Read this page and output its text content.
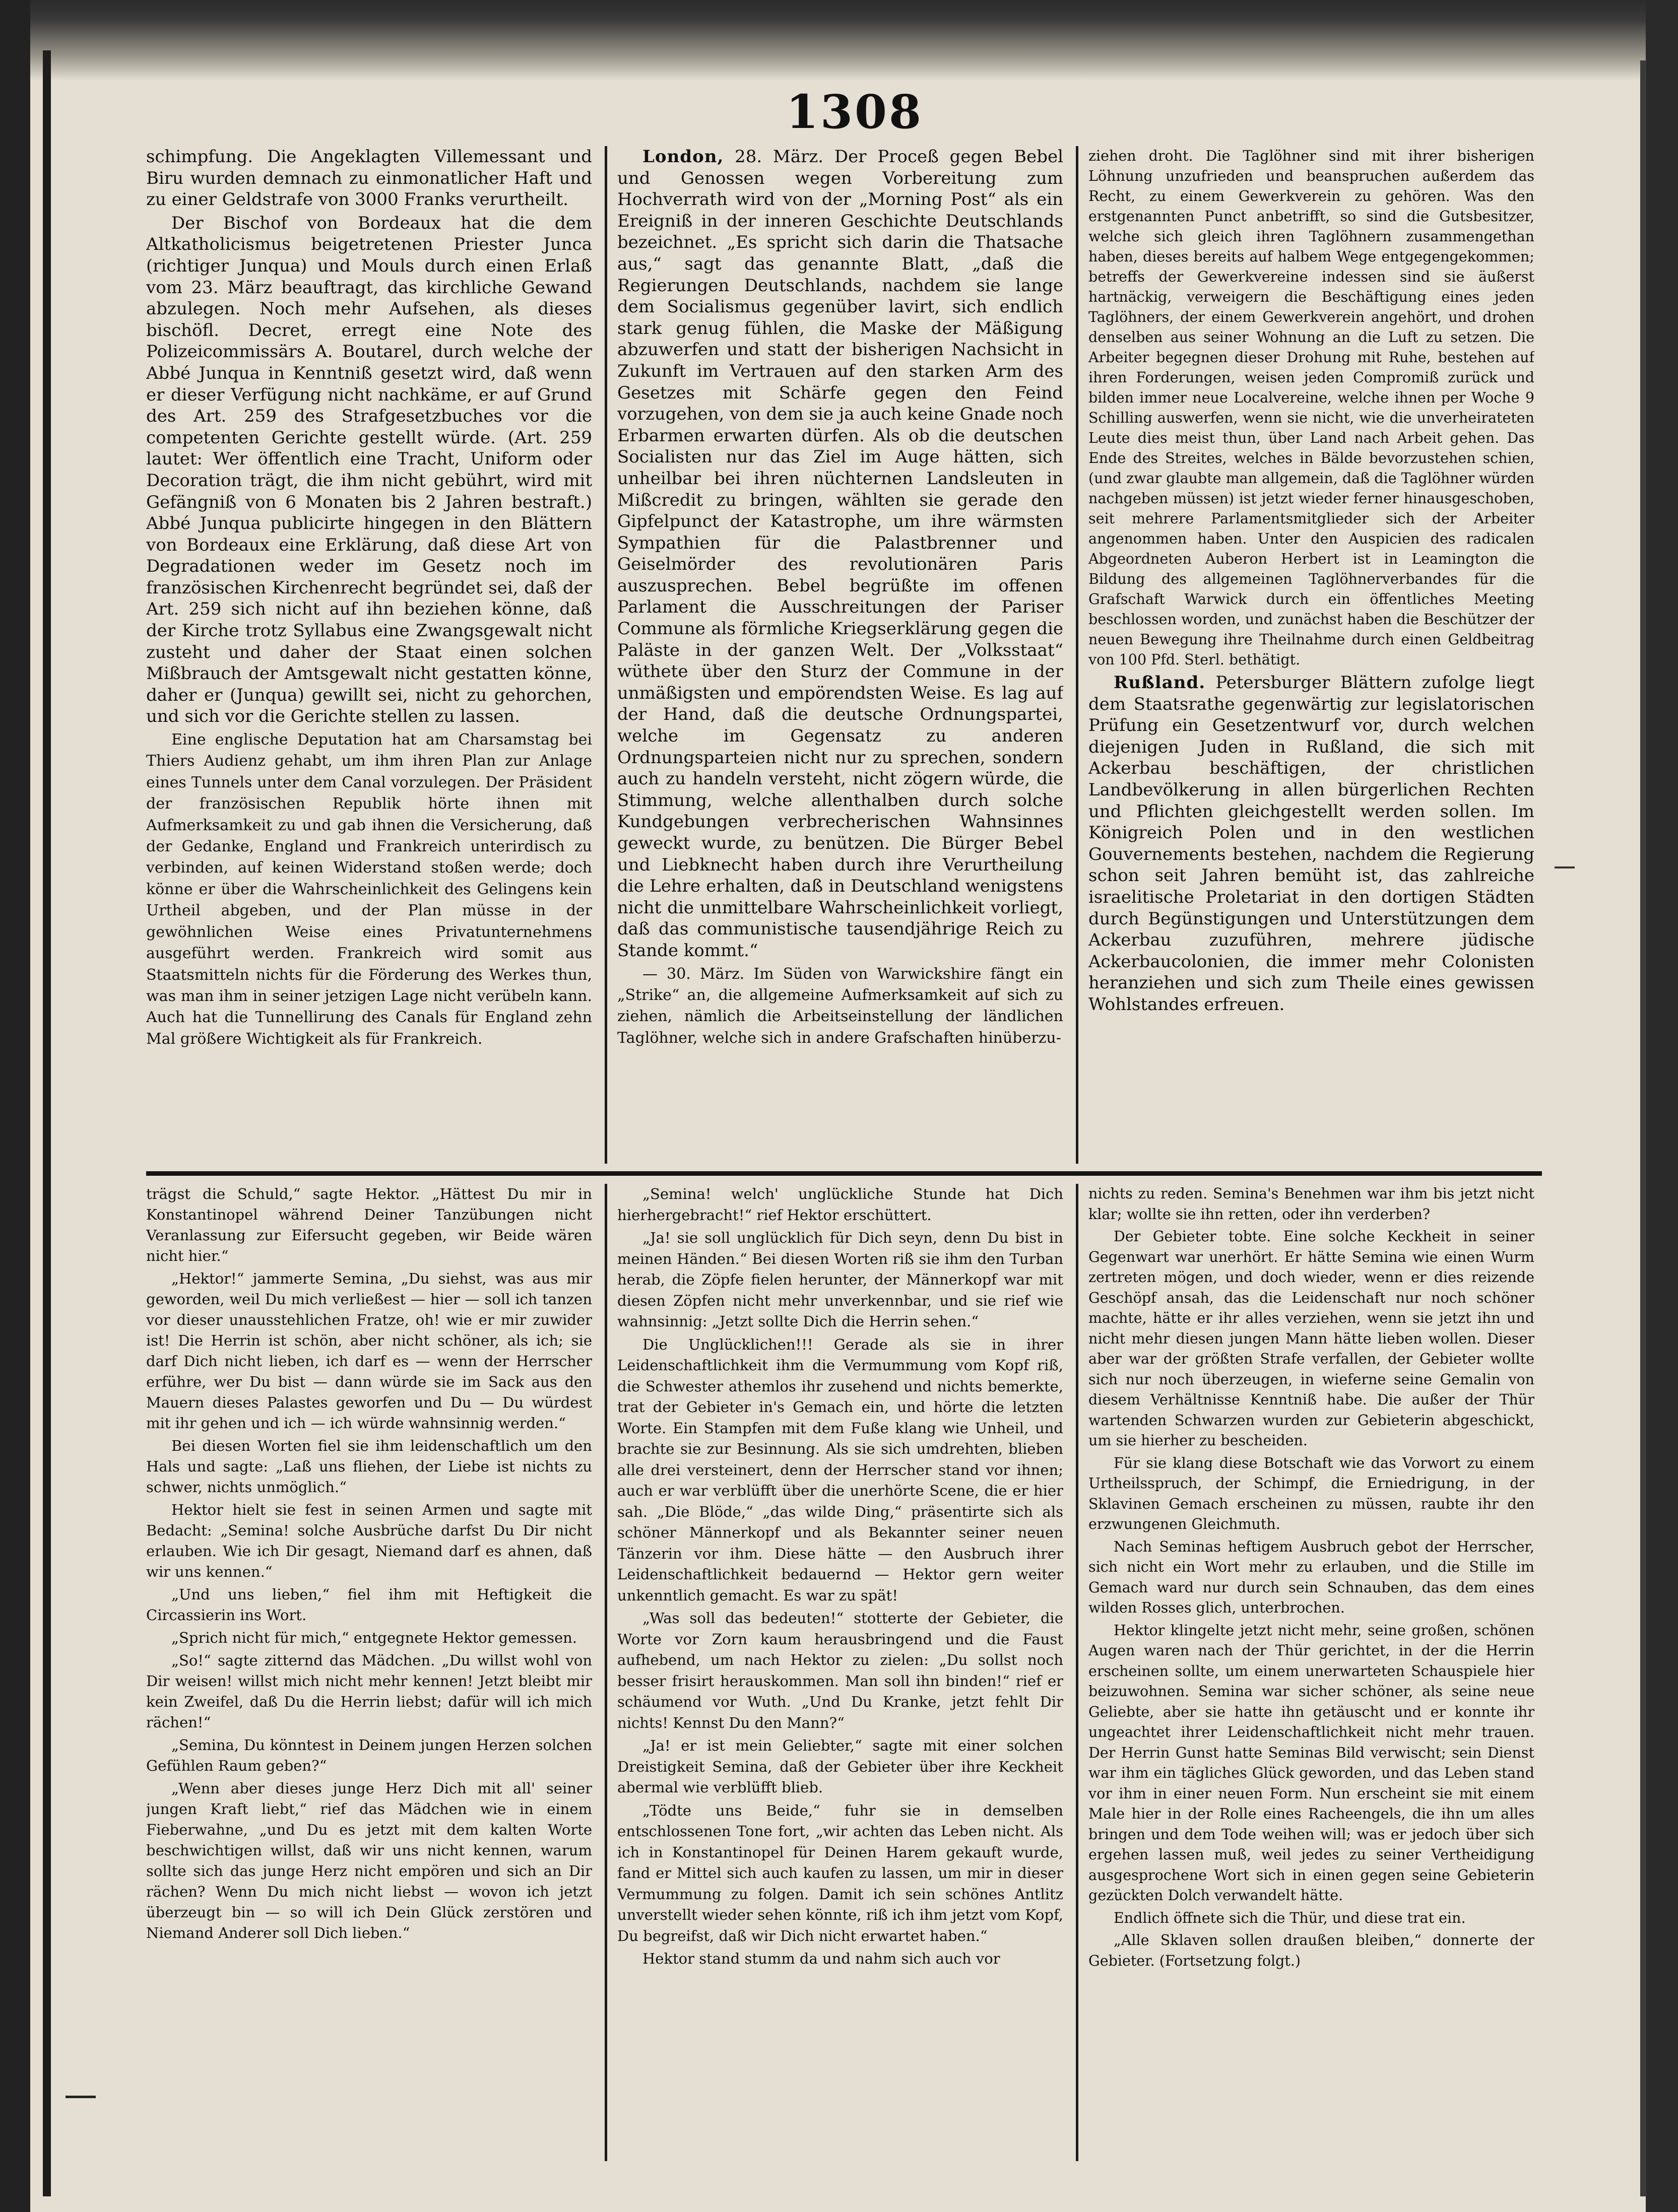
1308

schimpfung. Die Angeklagten Villemessant und Biru wurden demnach zu einmonatlicher Haft und zu einer Geldstrafe von 3000 Franks verurtheilt.

Der Bischof von Bordeaux hat die dem Altkatholicismus beigetretenen Priester Junca (richtiger Junqua) und Mouls durch einen Erlaß vom 23. März beauftragt, das kirchliche Gewand abzulegen. Noch mehr Aufsehen, als dieses bischöfl. Decret, erregt eine Note des Polizeicommissärs A. Boutarel, durch welche der Abbé Junqua in Kenntniß gesetzt wird, daß wenn er dieser Verfügung nicht nachkäme, er auf Grund des Art. 259 des Strafgesetzbuches vor die competenten Gerichte gestellt würde. (Art. 259 lautet: Wer öffentlich eine Tracht, Uniform oder Decoration trägt, die ihm nicht gebührt, wird mit Gefängniß von 6 Monaten bis 2 Jahren bestraft.) Abbé Junqua publicirte hingegen in den Blättern von Bordeaux eine Erklärung, daß diese Art von Degradationen weder im Gesetz noch im französischen Kirchenrecht begründet sei, daß der Art. 259 sich nicht auf ihn beziehen könne, daß der Kirche trotz Syllabus eine Zwangsgewalt nicht zusteht und daher der Staat einen solchen Mißbrauch der Amtsgewalt nicht gestatten könne, daher er (Junqua) gewillt sei, nicht zu gehorchen, und sich vor die Gerichte stellen zu lassen.

Eine englische Deputation hat am Charsamstag bei Thiers Audienz gehabt, um ihm ihren Plan zur Anlage eines Tunnels unter dem Canal vorzulegen. Der Präsident der französischen Republik hörte ihnen mit Aufmerksamkeit zu und gab ihnen die Versicherung, daß der Gedanke, England und Frankreich unterirdisch zu verbinden, auf keinen Widerstand stoßen werde; doch könne er über die Wahrscheinlichkeit des Gelingens kein Urtheil abgeben, und der Plan müsse in der gewöhnlichen Weise eines Privatunternehmens ausgeführt werden. Frankreich wird somit aus Staatsmitteln nichts für die Förderung des Werkes thun, was man ihm in seiner jetzigen Lage nicht verübeln kann. Auch hat die Tunnellirung des Canals für England zehn Mal größere Wichtigkeit als für Frankreich.

London, 28. März. Der Proceß gegen Bebel und Genossen wegen Vorbereitung zum Hochverrath wird von der „Morning Post“ als ein Ereigniß in der inneren Geschichte Deutschlands bezeichnet. „Es spricht sich darin die Thatsache aus,“ sagt das genannte Blatt, „daß die Regierungen Deutschlands, nachdem sie lange dem Socialismus gegenüber lavirt, sich endlich stark genug fühlen, die Maske der Mäßigung abzuwerfen und statt der bisherigen Nachsicht in Zukunft im Vertrauen auf den starken Arm des Gesetzes mit Schärfe gegen den Feind vorzugehen, von dem sie ja auch keine Gnade noch Erbarmen erwarten dürfen. Als ob die deutschen Socialisten nur das Ziel im Auge hätten, sich unheilbar bei ihren nüchternen Landsleuten in Mißcredit zu bringen, wählten sie gerade den Gipfelpunct der Katastrophe, um ihre wärmsten Sympathien für die Palastbrenner und Geiselmörder des revolutionären Paris auszusprechen. Bebel begrüßte im offenen Parlament die Ausschreitungen der Pariser Commune als förmliche Kriegserklärung gegen die Paläste in der ganzen Welt. Der „Volksstaat“ wüthete über den Sturz der Commune in der unmäßigsten und empörendsten Weise. Es lag auf der Hand, daß die deutsche Ordnungspartei, welche im Gegensatz zu anderen Ordnungsparteien nicht nur zu sprechen, sondern auch zu handeln versteht, nicht zögern würde, die Stimmung, welche allenthalben durch solche Kundgebungen verbrecherischen Wahnsinnes geweckt wurde, zu benützen. Die Bürger Bebel und Liebknecht haben durch ihre Verurtheilung die Lehre erhalten, daß in Deutschland wenigstens nicht die unmittelbare Wahrscheinlichkeit vorliegt, daß das communistische tausendjährige Reich zu Stande kommt.“

— 30. März. Im Süden von Warwickshire fängt ein „Strike“ an, die allgemeine Aufmerksamkeit auf sich zu ziehen, nämlich die Arbeitseinstellung der ländlichen Taglöhner, welche sich in andere Grafschaften hinüberzu-

ziehen droht. Die Taglöhner sind mit ihrer bisherigen Löhnung unzufrieden und beanspruchen außerdem das Recht, zu einem Gewerkverein zu gehören. Was den erstgenannten Punct anbetrifft, so sind die Gutsbesitzer, welche sich gleich ihren Taglöhnern zusammengethan haben, dieses bereits auf halbem Wege entgegengekommen; betreffs der Gewerkvereine indessen sind sie äußerst hartnäckig, verweigern die Beschäftigung eines jeden Taglöhners, der einem Gewerkverein angehört, und drohen denselben aus seiner Wohnung an die Luft zu setzen. Die Arbeiter begegnen dieser Drohung mit Ruhe, bestehen auf ihren Forderungen, weisen jeden Compromiß zurück und bilden immer neue Localvereine, welche ihnen per Woche 9 Schilling auswerfen, wenn sie nicht, wie die unverheirateten Leute dies meist thun, über Land nach Arbeit gehen. Das Ende des Streites, welches in Bälde bevorzustehen schien, (und zwar glaubte man allgemein, daß die Taglöhner würden nachgeben müssen) ist jetzt wieder ferner hinausgeschoben, seit mehrere Parlamentsmitglieder sich der Arbeiter angenommen haben. Unter den Auspicien des radicalen Abgeordneten Auberon Herbert ist in Leamington die Bildung des allgemeinen Taglöhnerverbandes für die Grafschaft Warwick durch ein öffentliches Meeting beschlossen worden, und zunächst haben die Beschützer der neuen Bewegung ihre Theilnahme durch einen Geldbeitrag von 100 Pfd. Sterl. bethätigt.

Rußland. Petersburger Blättern zufolge liegt dem Staatsrathe gegenwärtig zur legislatorischen Prüfung ein Gesetzentwurf vor, durch welchen diejenigen Juden in Rußland, die sich mit Ackerbau beschäftigen, der christlichen Landbevölkerung in allen bürgerlichen Rechten und Pflichten gleichgestellt werden sollen. Im Königreich Polen und in den westlichen Gouvernements bestehen, nachdem die Regierung schon seit Jahren bemüht ist, das zahlreiche israelitische Proletariat in den dortigen Städten durch Begünstigungen und Unterstützungen dem Ackerbau zuzuführen, mehrere jüdische Ackerbaucolonien, die immer mehr Colonisten heranziehen und sich zum Theile eines gewissen Wohlstandes erfreuen.

trägst die Schuld,“ sagte Hektor. „Hättest Du mir in Konstantinopel während Deiner Tanzübungen nicht Veranlassung zur Eifersucht gegeben, wir Beide wären nicht hier.“

„Hektor!“ jammerte Semina, „Du siehst, was aus mir geworden, weil Du mich verließest — hier — soll ich tanzen vor dieser unausstehlichen Fratze, oh! wie er mir zuwider ist! Die Herrin ist schön, aber nicht schöner, als ich; sie darf Dich nicht lieben, ich darf es — wenn der Herrscher erführe, wer Du bist — dann würde sie im Sack aus den Mauern dieses Palastes geworfen und Du — Du würdest mit ihr gehen und ich — ich würde wahnsinnig werden.“

Bei diesen Worten fiel sie ihm leidenschaftlich um den Hals und sagte: „Laß uns fliehen, der Liebe ist nichts zu schwer, nichts unmöglich.“

Hektor hielt sie fest in seinen Armen und sagte mit Bedacht: „Semina! solche Ausbrüche darfst Du Dir nicht erlauben. Wie ich Dir gesagt, Niemand darf es ahnen, daß wir uns kennen.“

„Und uns lieben,“ fiel ihm mit Heftigkeit die Circassierin ins Wort.

„Sprich nicht für mich,“ entgegnete Hektor gemessen.

„So!“ sagte zitternd das Mädchen. „Du willst wohl von Dir weisen! willst mich nicht mehr kennen! Jetzt bleibt mir kein Zweifel, daß Du die Herrin liebst; dafür will ich mich rächen!“

„Semina, Du könntest in Deinem jungen Herzen solchen Gefühlen Raum geben?“

„Wenn aber dieses junge Herz Dich mit all' seiner jungen Kraft liebt,“ rief das Mädchen wie in einem Fieberwahne, „und Du es jetzt mit dem kalten Worte beschwichtigen willst, daß wir uns nicht kennen, warum sollte sich das junge Herz nicht empören und sich an Dir rächen? Wenn Du mich nicht liebst — wovon ich jetzt überzeugt bin — so will ich Dein Glück zerstören und Niemand Anderer soll Dich lieben.“

„Semina! welch' unglückliche Stunde hat Dich hierhergebracht!“ rief Hektor erschüttert.

„Ja! sie soll unglücklich für Dich seyn, denn Du bist in meinen Händen.“ Bei diesen Worten riß sie ihm den Turban herab, die Zöpfe fielen herunter, der Männerkopf war mit diesen Zöpfen nicht mehr unverkennbar, und sie rief wie wahnsinnig: „Jetzt sollte Dich die Herrin sehen.“

Die Unglücklichen!!! Gerade als sie in ihrer Leidenschaftlichkeit ihm die Vermummung vom Kopf riß, die Schwester athemlos ihr zusehend und nichts bemerkte, trat der Gebieter in's Gemach ein, und hörte die letzten Worte. Ein Stampfen mit dem Fuße klang wie Unheil, und brachte sie zur Besinnung. Als sie sich umdrehten, blieben alle drei versteinert, denn der Herrscher stand vor ihnen; auch er war verblüfft über die unerhörte Scene, die er hier sah. „Die Blöde,“ „das wilde Ding,“ präsentirte sich als schöner Männerkopf und als Bekannter seiner neuen Tänzerin vor ihm. Diese hätte — den Ausbruch ihrer Leidenschaftlichkeit bedauernd — Hektor gern weiter unkenntlich gemacht. Es war zu spät!

„Was soll das bedeuten!“ stotterte der Gebieter, die Worte vor Zorn kaum herausbringend und die Faust aufhebend, um nach Hektor zu zielen: „Du sollst noch besser frisirt herauskommen. Man soll ihn binden!“ rief er schäumend vor Wuth. „Und Du Kranke, jetzt fehlt Dir nichts! Kennst Du den Mann?“

„Ja! er ist mein Geliebter,“ sagte mit einer solchen Dreistigkeit Semina, daß der Gebieter über ihre Keckheit abermal wie verblüfft blieb.

„Tödte uns Beide,“ fuhr sie in demselben entschlossenen Tone fort, „wir achten das Leben nicht. Als ich in Konstantinopel für Deinen Harem gekauft wurde, fand er Mittel sich auch kaufen zu lassen, um mir in dieser Vermummung zu folgen. Damit ich sein schönes Antlitz unverstellt wieder sehen könnte, riß ich ihm jetzt vom Kopf, Du begreifst, daß wir Dich nicht erwartet haben.“

Hektor stand stumm da und nahm sich auch vor

nichts zu reden. Semina's Benehmen war ihm bis jetzt nicht klar; wollte sie ihn retten, oder ihn verderben?

Der Gebieter tobte. Eine solche Keckheit in seiner Gegenwart war unerhört. Er hätte Semina wie einen Wurm zertreten mögen, und doch wieder, wenn er dies reizende Geschöpf ansah, das die Leidenschaft nur noch schöner machte, hätte er ihr alles verziehen, wenn sie jetzt ihn und nicht mehr diesen jungen Mann hätte lieben wollen. Dieser aber war der größten Strafe verfallen, der Gebieter wollte sich nur noch überzeugen, in wieferne seine Gemalin von diesem Verhältnisse Kenntniß habe. Die außer der Thür wartenden Schwarzen wurden zur Gebieterin abgeschickt, um sie hierher zu bescheiden.

Für sie klang diese Botschaft wie das Vorwort zu einem Urtheilsspruch, der Schimpf, die Erniedrigung, in der Sklavinen Gemach erscheinen zu müssen, raubte ihr den erzwungenen Gleichmuth.

Nach Seminas heftigem Ausbruch gebot der Herrscher, sich nicht ein Wort mehr zu erlauben, und die Stille im Gemach ward nur durch sein Schnauben, das dem eines wilden Rosses glich, unterbrochen.

Hektor klingelte jetzt nicht mehr, seine großen, schönen Augen waren nach der Thür gerichtet, in der die Herrin erscheinen sollte, um einem unerwarteten Schauspiele hier beizuwohnen. Semina war sicher schöner, als seine neue Geliebte, aber sie hatte ihn getäuscht und er konnte ihr ungeachtet ihrer Leidenschaftlichkeit nicht mehr trauen. Der Herrin Gunst hatte Seminas Bild verwischt; sein Dienst war ihm ein tägliches Glück geworden, und das Leben stand vor ihm in einer neuen Form. Nun erscheint sie mit einem Male hier in der Rolle eines Racheengels, die ihn um alles bringen und dem Tode weihen will; was er jedoch über sich ergehen lassen muß, weil jedes zu seiner Vertheidigung ausgesprochene Wort sich in einen gegen seine Gebieterin gezückten Dolch verwandelt hätte.

Endlich öffnete sich die Thür, und diese trat ein.

„Alle Sklaven sollen draußen bleiben,“ donnerte der Gebieter. (Fortsetzung folgt.)
